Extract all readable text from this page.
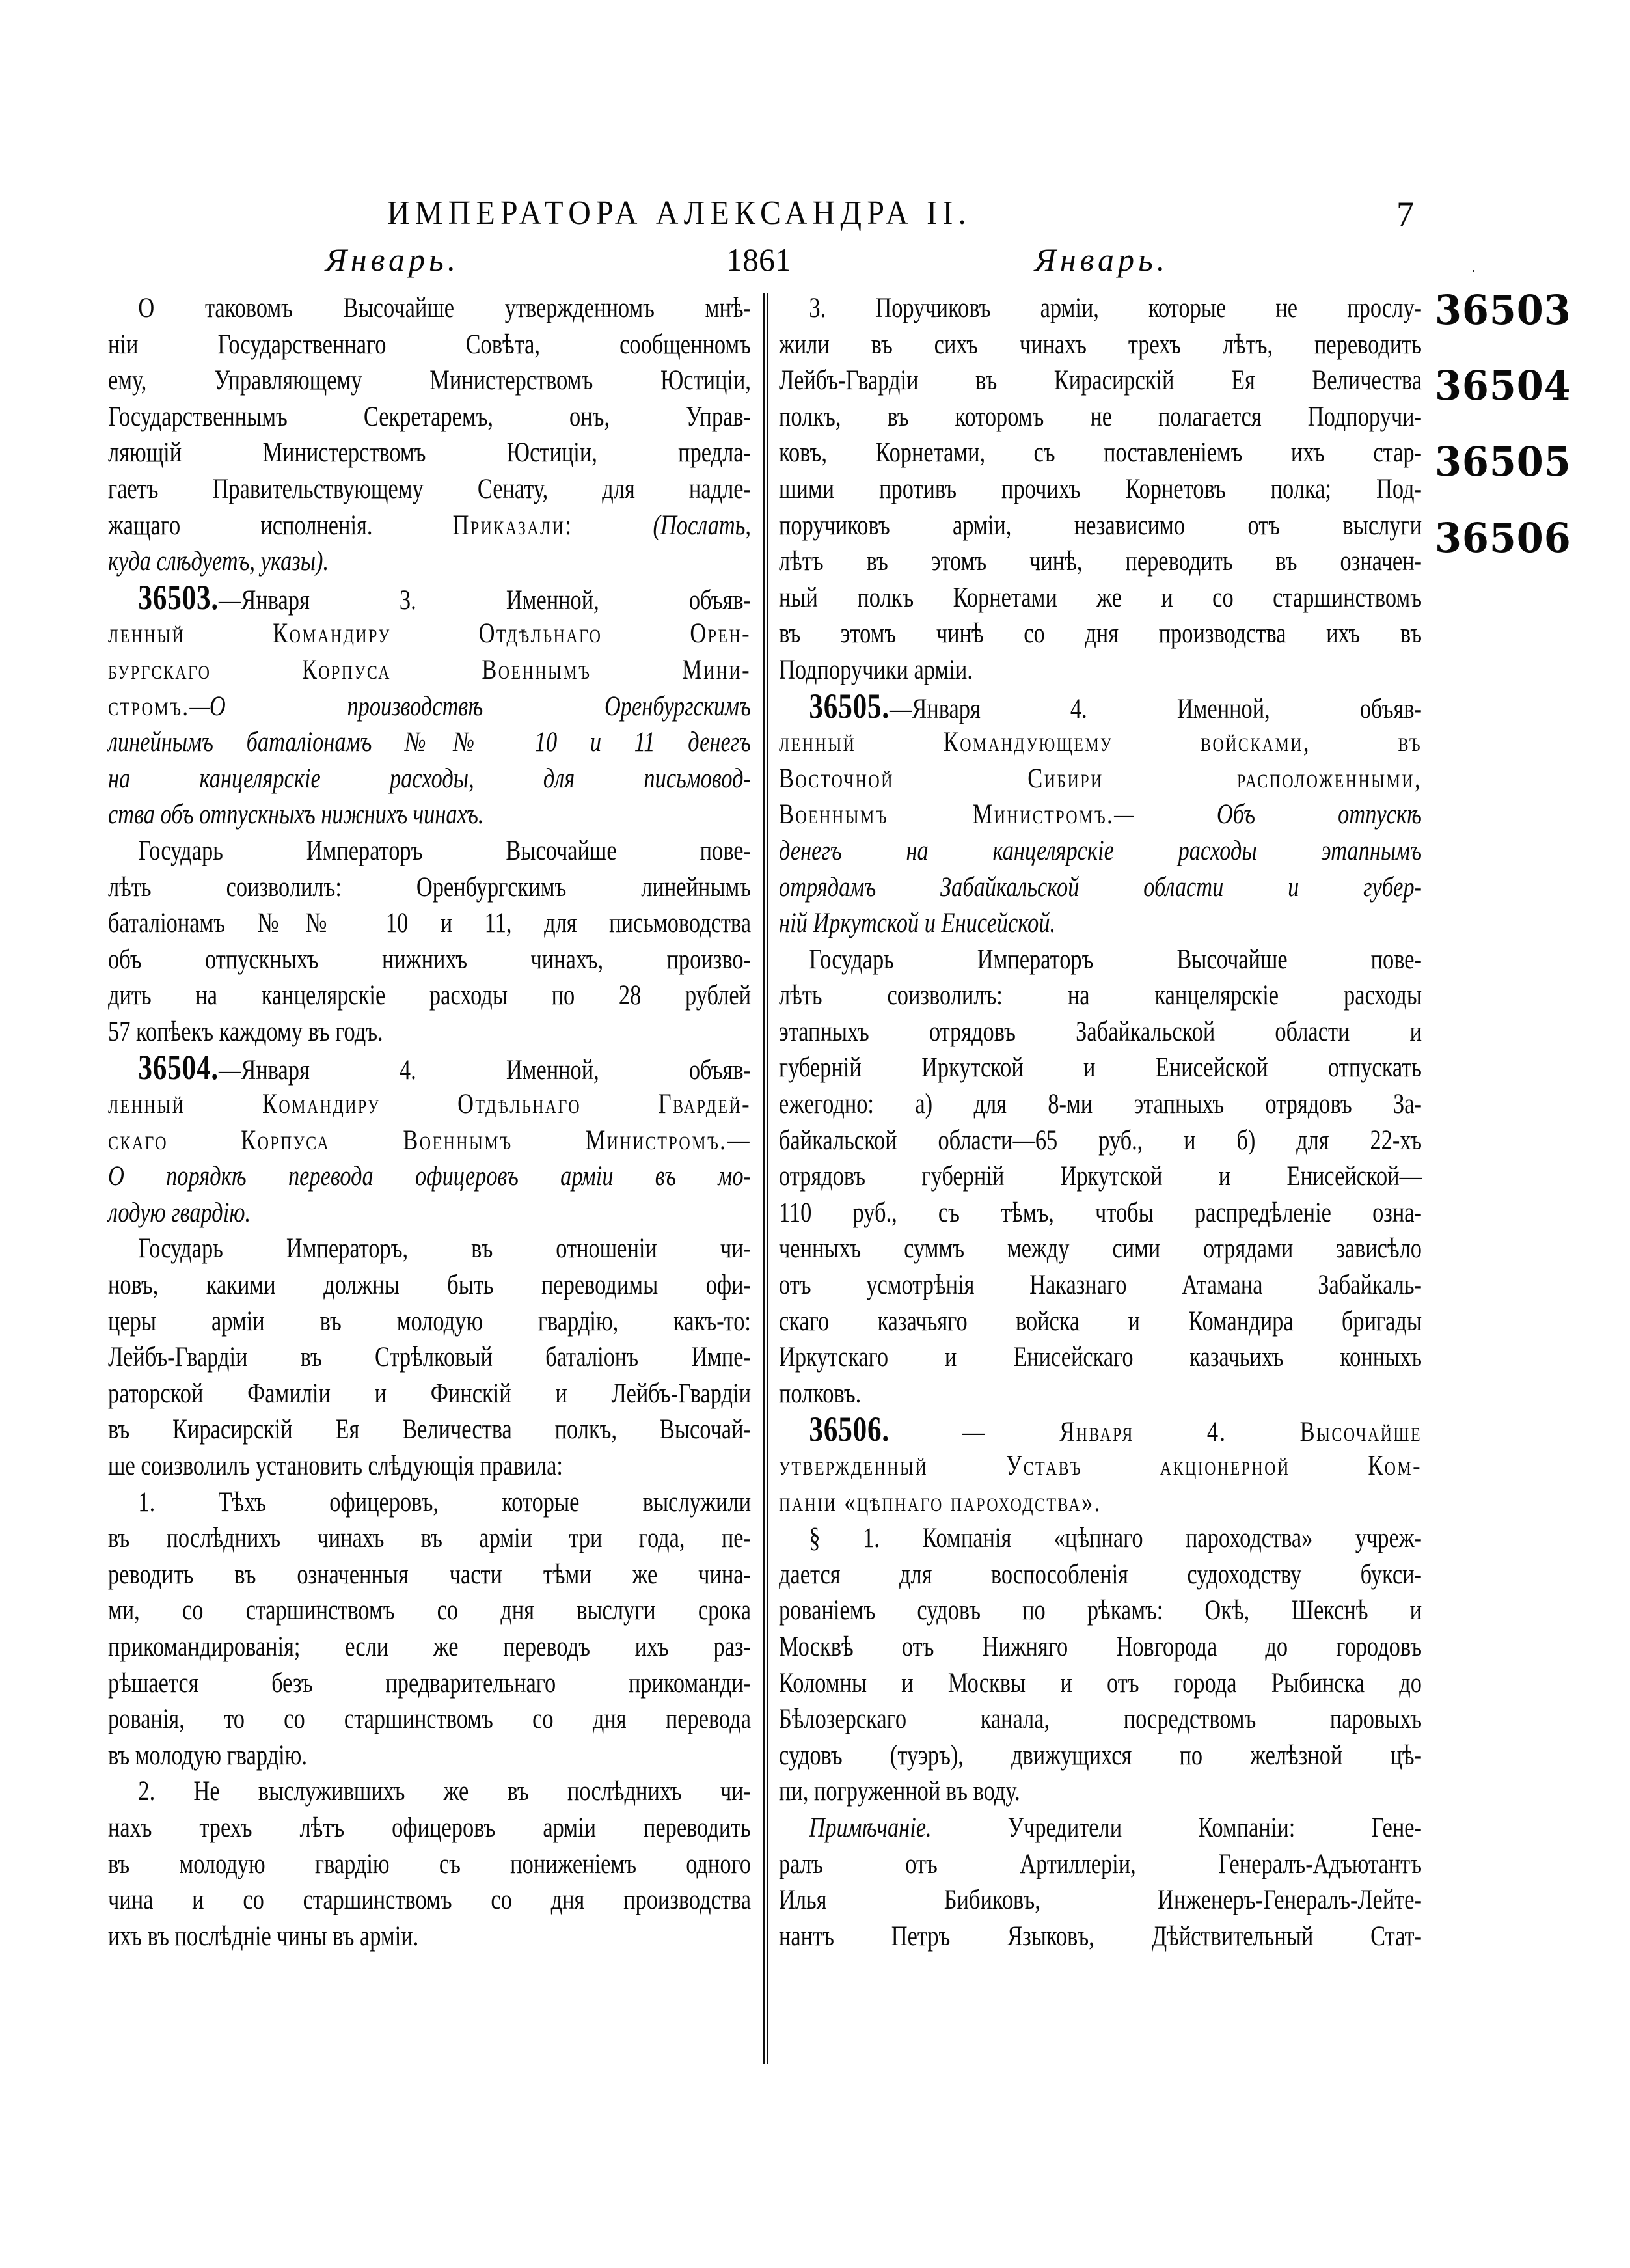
ИМПЕРАТОРА АЛЕКСАНДРА II.	7
Январь.	1861	Январь.
О таковомъ Высочайше утвержденномъ мнѣ-
ніи Государственнаго Совѣта, сообщенномъ
ему, Управляющему Министерствомъ Юстиціи,
Государственнымъ Секретаремъ, онъ, Управ-
ляющій Министерствомъ Юстиціи, предла-
гаетъ Правительствующему Сенату, для надле-
жащаго исполненія.	Приказали:	(Послать,
куда слѣдуетъ, указы).
36503.—Января 3. Именной, объяв-
ленный Командиру Отдѣльнаго Орен-
бургскаго Корпуса Военнымъ Мини-
стромъ.—О производствѣ Оренбургскимъ
линейнымъ баталіонамъ №№ 10 и 11 денегъ
на канцелярскіе расходы, для письмовод-
ства объ отпускныхъ нижнихъ чинахъ.
Государь Императоръ Высочайше пове-
лѣть соизволилъ: Оренбургскимъ линейнымъ
баталіонамъ №№ 10 и 11, для письмоводства
объ отпускныхъ нижнихъ чинахъ, произво-
дить на канцелярскіе расходы по 28 рублей
57 копѣекъ каждому въ годъ.
36504.—Января 4. Именной, объяв-
ленный Командиру Отдѣльнаго Гвардей-
скаго Корпуса Военнымъ Министромъ.—
О порядкѣ перевода офицеровъ арміи въ мо-
лодую гвардію.
Государь Императоръ, въ отношеніи чи-
новъ, какими должны быть переводимы офи-
церы арміи въ молодую гвардію, какъ-то:
Лейбъ-Гвардіи въ Стрѣлковый баталіонъ Импе-
раторской Фамиліи и Финскій и Лейбъ-Гвардіи
въ Кирасирскій Ея Величества полкъ, Высочай-
ше соизволилъ установить слѣдующія правила:
1. Тѣхъ офицеровъ, которые выслужили
въ послѣднихъ чинахъ въ арміи три года, пе-
реводить въ означенныя части тѣми же чина-
ми, со старшинствомъ со дня выслуги срока
прикомандированія; если же переводъ ихъ раз-
рѣшается безъ предварительнаго прикоманди-
рованія, то со старшинствомъ со дня перевода
въ молодую гвардію.
2. Не выслужившихъ же въ послѣднихъ чи-
нахъ трехъ лѣтъ офицеровъ арміи переводить
въ молодую гвардію съ пониженіемъ одного
чина и со старшинствомъ со дня производства
ихъ въ послѣдніе чины въ арміи.
3. Поручиковъ арміи, которые не прослу-
жили въ сихъ чинахъ трехъ лѣтъ, переводить
Лейбъ-Гвардіи въ Кирасирскій Ея Величества
полкъ, въ которомъ не полагается Подпоручи-
ковъ, Корнетами, съ поставленіемъ ихъ стар-
шими противъ прочихъ Корнетовъ полка; Под-
поручиковъ арміи, независимо отъ выслуги
лѣтъ въ этомъ чинѣ, переводить въ означен-
ный полкъ Корнетами же и со старшинствомъ
въ этомъ чинѣ со дня производства ихъ въ
Подпоручики арміи.
36505.—Января 4. Именной, объяв-
ленный Командующему войсками, въ
Восточной Сибири расположенными,
Военнымъ Министромъ.— Объ отпускѣ
денегъ на канцелярскіе расходы этапнымъ
отрядамъ Забайкальской области и губер-
ній Иркутской и Енисейской.
Государь Императоръ Высочайше пове-
лѣть соизволилъ: на канцелярскіе расходы
этапныхъ отрядовъ Забайкальской области и
губерній Иркутской и Енисейской отпускать
ежегодно: а) для 8-ми этапныхъ отрядовъ За-
байкальской области—65 руб., и б) для 22-хъ
отрядовъ губерній Иркутской и Енисейской—
110 руб., съ тѣмъ, чтобы распредѣленіе озна-
ченныхъ суммъ между сими отрядами зависѣло
отъ усмотрѣнія Наказнаго Атамана Забайкаль-
скаго казачьяго войска и Командира бригады
Иркутскаго и Енисейскаго казачьихъ конныхъ
полковъ.
36506. — Января 4. Высочайше
утвержденный Уставъ акціонерной Ком-
паніи «цѣпнаго пароходства».
§ 1. Компанія «цѣпнаго пароходства» учреж-
дается для воспособленія судоходству букси-
рованіемъ судовъ по рѣкамъ: Окѣ, Шекснѣ и
Москвѣ отъ Нижняго Новгорода до городовъ
Коломны и Москвы и отъ города Рыбинска до
Бѣлозерскаго канала, посредствомъ паровыхъ
судовъ (туэръ), движущихся по желѣзной цѣ-
пи, погруженной въ воду.
Примѣчаніе. Учредители Компаніи: Гене-
ралъ отъ Артиллеріи, Генералъ-Адъютантъ
Илья Бибиковъ, Инженеръ-Генералъ-Лейте-
нантъ Петръ Языковъ, Дѣйствительный Стат-
36503
36504
36505
36506
